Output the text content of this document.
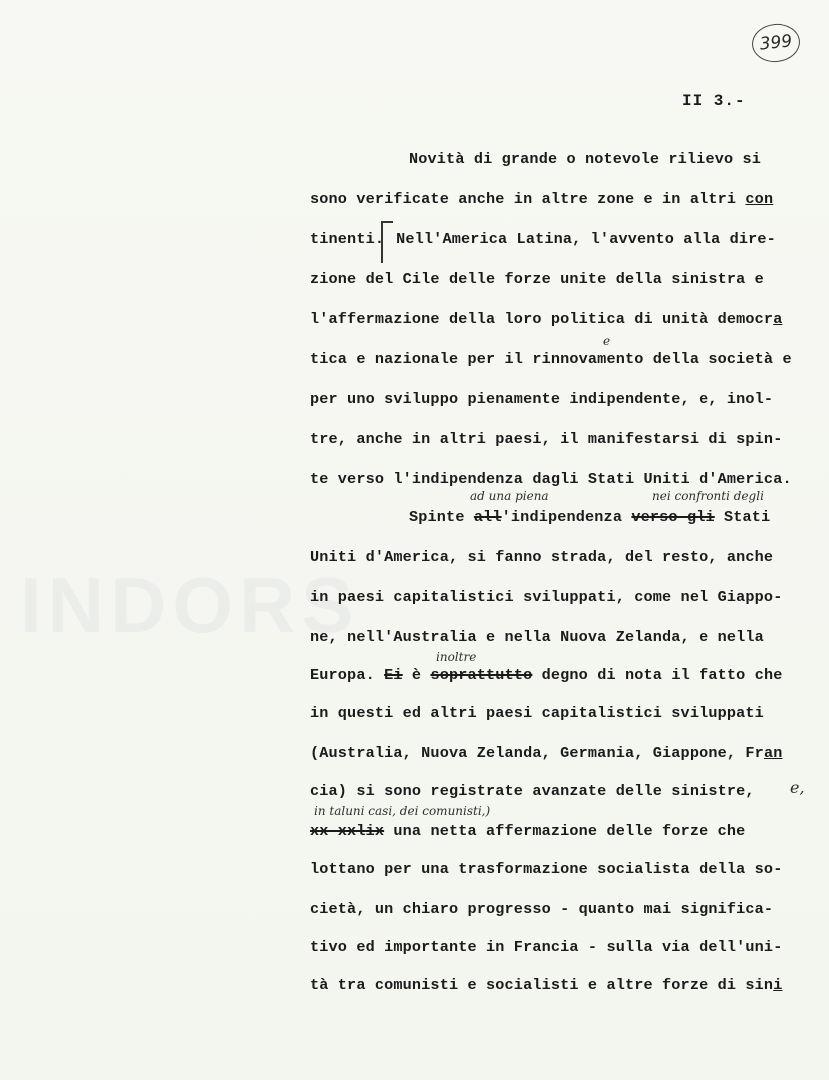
INDORS
399
II 3.-
Novità di grande o notevole rilievo si
sono verificate anche in altre zone e in altri con
tinenti. Nell'America Latina, l'avvento alla dire-
zione del Cile delle forze unite della sinistra e
l'affermazione della loro politica di unità democra
e
tica e nazionale per il rinnovamento della società e
per uno sviluppo pienamente indipendente, e, inol-
tre, anche in altri paesi, il manifestarsi di spin-
te verso l'indipendenza dagli Stati Uniti d'America.
ad una piena	nei confronti degli
Spinte all'indipendenza verso gli Stati
Uniti d'America, si fanno strada, del resto, anche
in paesi capitalistici sviluppati, come nel Giappo-
ne, nell'Australia e nella Nuova Zelanda, e nella
inoltre
Europa. Ei è soprattutto degno di nota il fatto che
in questi ed altri paesi capitalistici sviluppati
(Australia, Nuova Zelanda, Germania, Giappone, Fran
cia) si sono registrate avanzate delle sinistre, e,
in taluni casi, dei comunisti,)
xx xxlix una netta affermazione delle forze che
lottano per una trasformazione socialista della so-
cietà, un chiaro progresso - quanto mai significa-
tivo ed importante in Francia - sulla via dell'uni-
tà tra comunisti e socialisti e altre forze di sini
